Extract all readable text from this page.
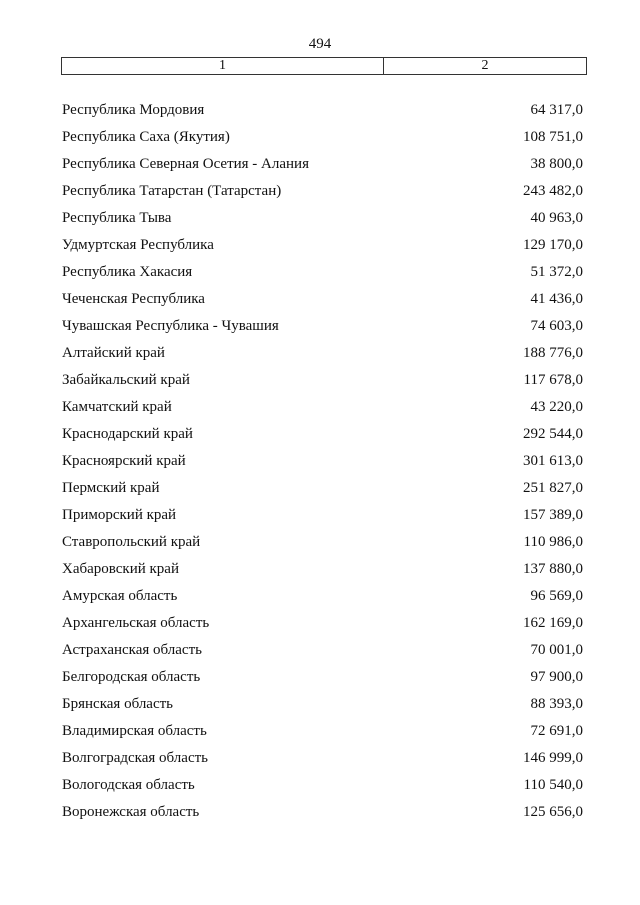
494
1	2
Республика Мордовия	64 317,0
Республика Саха (Якутия)	108 751,0
Республика Северная Осетия - Алания	38 800,0
Республика Татарстан (Татарстан)	243 482,0
Республика Тыва	40 963,0
Удмуртская Республика	129 170,0
Республика Хакасия	51 372,0
Чеченская Республика	41 436,0
Чувашская Республика - Чувашия	74 603,0
Алтайский край	188 776,0
Забайкальский край	117 678,0
Камчатский край	43 220,0
Краснодарский край	292 544,0
Красноярский край	301 613,0
Пермский край	251 827,0
Приморский край	157 389,0
Ставропольский край	110 986,0
Хабаровский край	137 880,0
Амурская область	96 569,0
Архангельская область	162 169,0
Астраханская область	70 001,0
Белгородская область	97 900,0
Брянская область	88 393,0
Владимирская область	72 691,0
Волгоградская область	146 999,0
Вологодская область	110 540,0
Воронежская область	125 656,0
